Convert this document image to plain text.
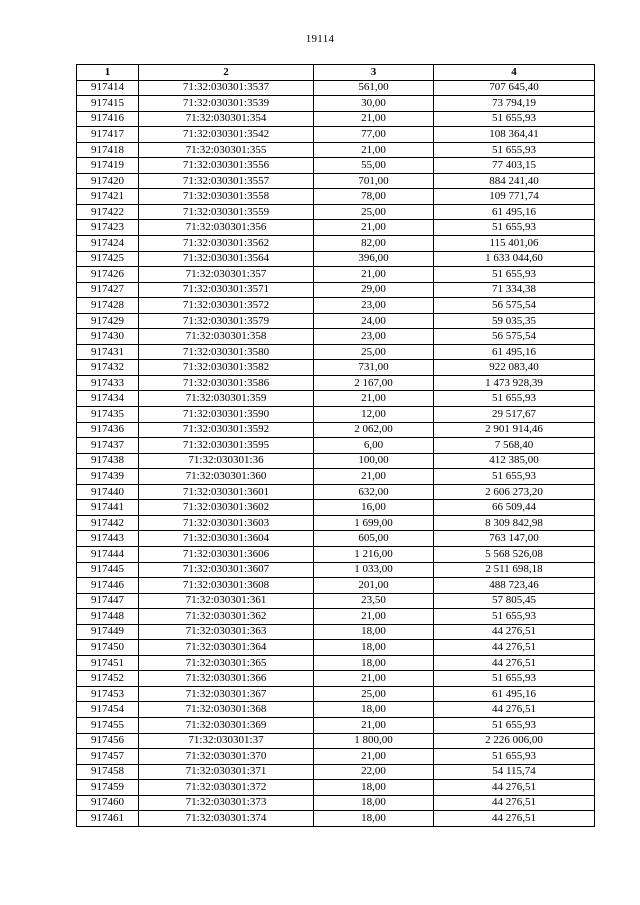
19114
1	2	3	4
917414	71:32:030301:3537	561,00	707 645,40
917415	71:32:030301:3539	30,00	73 794,19
917416	71:32:030301:354	21,00	51 655,93
917417	71:32:030301:3542	77,00	108 364,41
917418	71:32:030301:355	21,00	51 655,93
917419	71:32:030301:3556	55,00	77 403,15
917420	71:32:030301:3557	701,00	884 241,40
917421	71:32:030301:3558	78,00	109 771,74
917422	71:32:030301:3559	25,00	61 495,16
917423	71:32:030301:356	21,00	51 655,93
917424	71:32:030301:3562	82,00	115 401,06
917425	71:32:030301:3564	396,00	1 633 044,60
917426	71:32:030301:357	21,00	51 655,93
917427	71:32:030301:3571	29,00	71 334,38
917428	71:32:030301:3572	23,00	56 575,54
917429	71:32:030301:3579	24,00	59 035,35
917430	71:32:030301:358	23,00	56 575,54
917431	71:32:030301:3580	25,00	61 495,16
917432	71:32:030301:3582	731,00	922 083,40
917433	71:32:030301:3586	2 167,00	1 473 928,39
917434	71:32:030301:359	21,00	51 655,93
917435	71:32:030301:3590	12,00	29 517,67
917436	71:32:030301:3592	2 062,00	2 901 914,46
917437	71:32:030301:3595	6,00	7 568,40
917438	71:32:030301:36	100,00	412 385,00
917439	71:32:030301:360	21,00	51 655,93
917440	71:32:030301:3601	632,00	2 606 273,20
917441	71:32:030301:3602	16,00	66 509,44
917442	71:32:030301:3603	1 699,00	8 309 842,98
917443	71:32:030301:3604	605,00	763 147,00
917444	71:32:030301:3606	1 216,00	5 568 526,08
917445	71:32:030301:3607	1 033,00	2 511 698,18
917446	71:32:030301:3608	201,00	488 723,46
917447	71:32:030301:361	23,50	57 805,45
917448	71:32:030301:362	21,00	51 655,93
917449	71:32:030301:363	18,00	44 276,51
917450	71:32:030301:364	18,00	44 276,51
917451	71:32:030301:365	18,00	44 276,51
917452	71:32:030301:366	21,00	51 655,93
917453	71:32:030301:367	25,00	61 495,16
917454	71:32:030301:368	18,00	44 276,51
917455	71:32:030301:369	21,00	51 655,93
917456	71:32:030301:37	1 800,00	2 226 006,00
917457	71:32:030301:370	21,00	51 655,93
917458	71:32:030301:371	22,00	54 115,74
917459	71:32:030301:372	18,00	44 276,51
917460	71:32:030301:373	18,00	44 276,51
917461	71:32:030301:374	18,00	44 276,51
